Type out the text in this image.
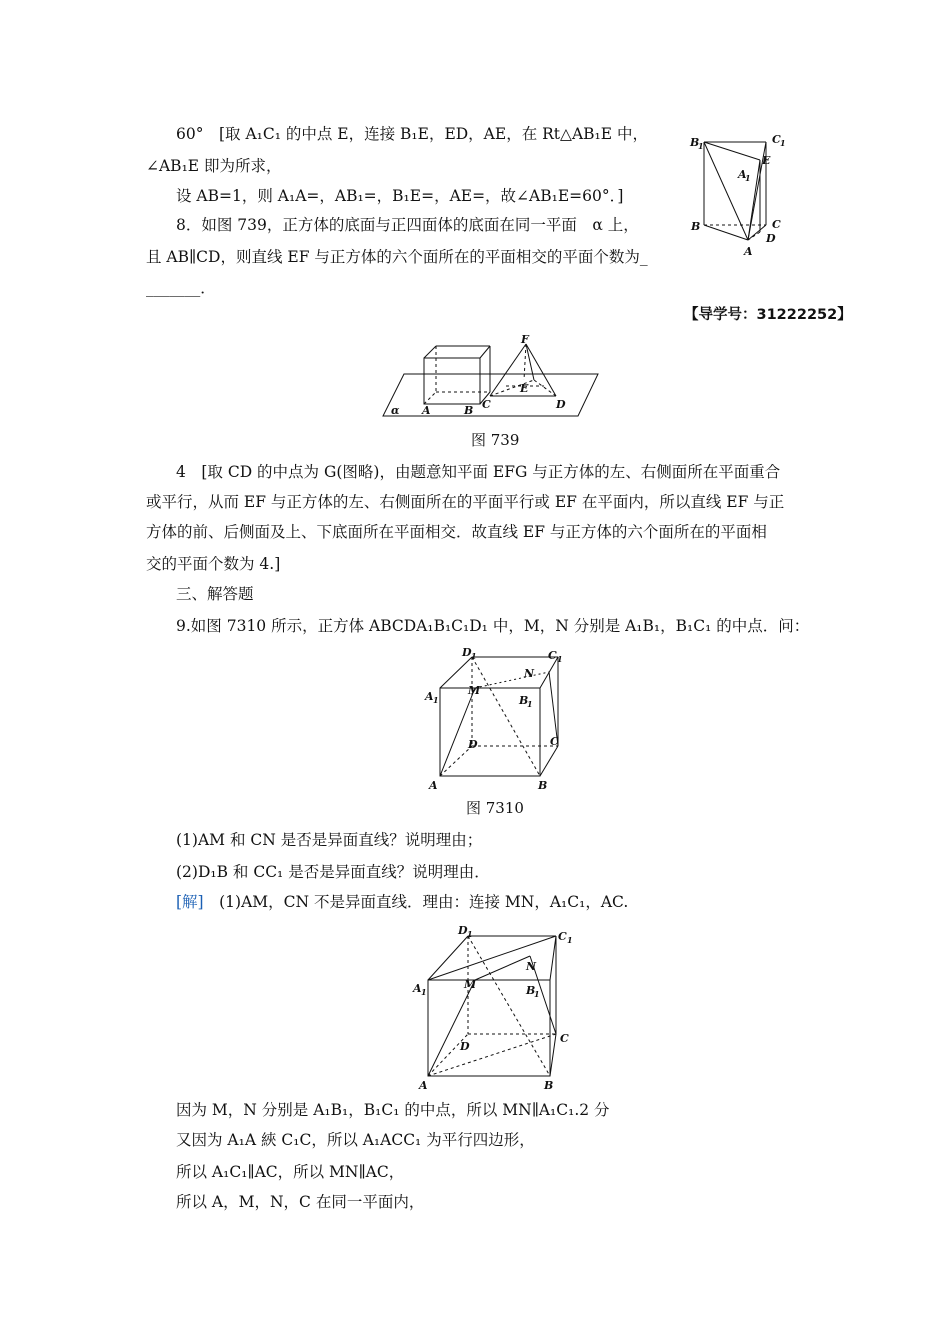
60°　[取 A₁C₁ 的中点 E，连接 B₁E，ED，AE，在 Rt△AB₁E 中，
∠AB₁E 即为所求，
设 AB=1，则 A₁A=，AB₁=，B₁E=，AE=，故∠AB₁E=60°．]
8．如图 739，正方体的底面与正四面体的底面在同一平面　α 上，
且 AB∥CD，则直线 EF 与正方体的六个面所在的平面相交的平面个数为_
_______．
【导学号：31222252】
B
1	C 1
A
1
E
B	C
D
A
F
E
A	B C	D
α
图 739
4　[取 CD 的中点为 G(图略)，由题意知平面 EFG 与正方体的左、右侧面所在平面重合
或平行，从而 EF 与正方体的左、右侧面所在的平面平行或 EF 在平面内，所以直线 EF 与正
方体的前、后侧面及上、下底面所在平面相交．故直线 EF 与正方体的六个面所在的平面相
交的平面个数为 4.]
三、解答题
9.如图 7310 所示，正方体 ABCDA₁B₁C₁D₁ 中，M，N 分别是 A₁B₁，B₁C₁ 的中点．问：
D 1	C 1
A 1	B
1
M
N
D	C
A	B
图 7310
(1)AM 和 CN 是否是异面直线？说明理由；
(2)D₁B 和 CC₁ 是否是异面直线？说明理由．
[解]　(1)AM，CN 不是异面直线．理由：连接 MN，A₁C₁，AC.
D 1	C 1
A 1	B
1
M
N
D
C
A	B
因为 M，N 分别是 A₁B₁，B₁C₁ 的中点，所以 MN∥A₁C₁.2 分
又因为 A₁A 綊 C₁C，所以 A₁ACC₁ 为平行四边形，
所以 A₁C₁∥AC，所以 MN∥AC，
所以 A，M，N，C 在同一平面内，
